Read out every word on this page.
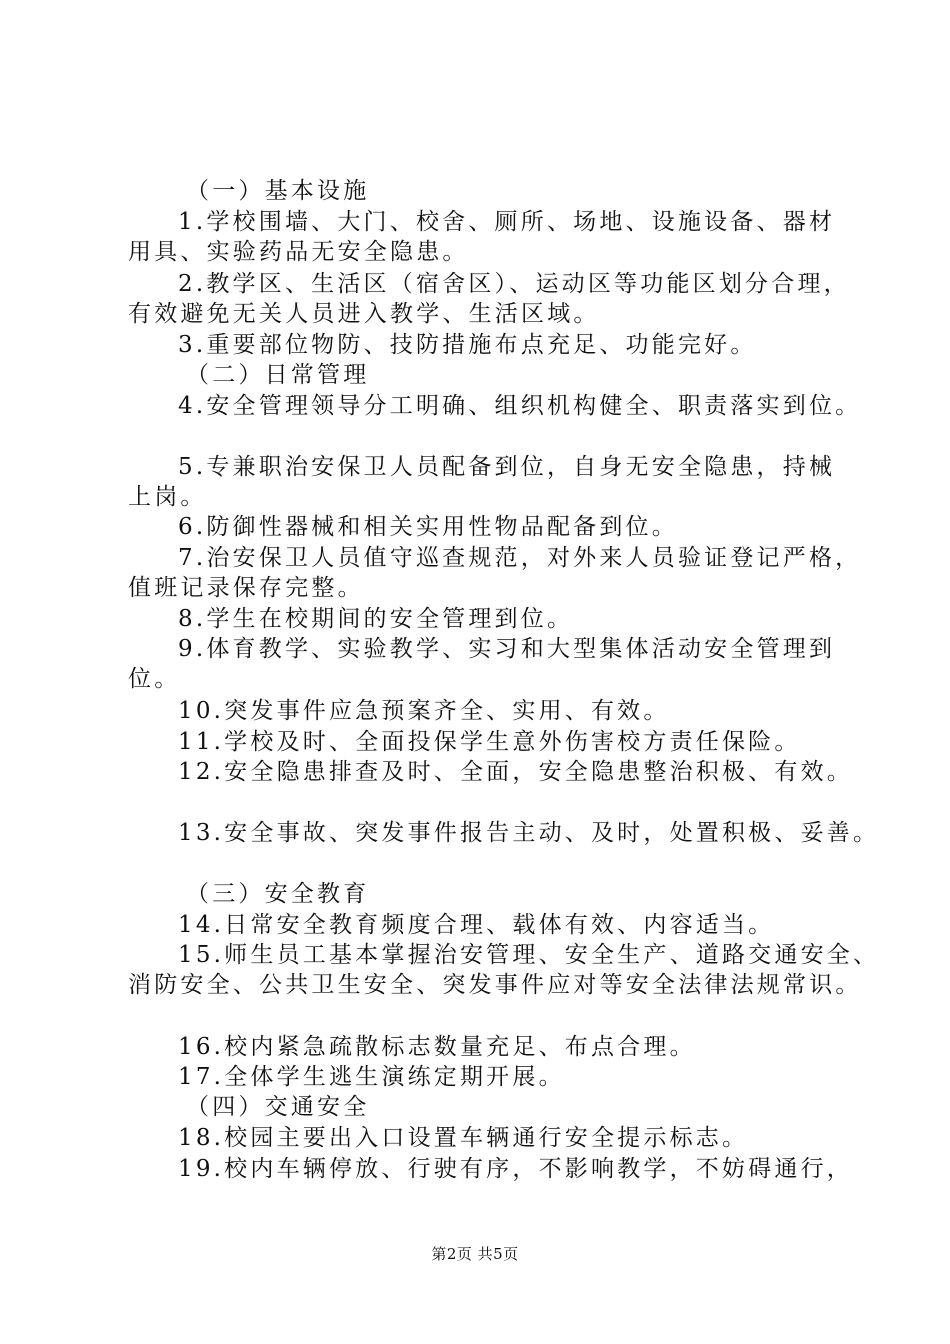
（一）基本设施
1.学校围墙、大门、校舍、厕所、场地、设施设备、器材
用具、实验药品无安全隐患。
2.教学区、生活区（宿舍区）、运动区等功能区划分合理，
有效避免无关人员进入教学、生活区域。
3.重要部位物防、技防措施布点充足、功能完好。
（二）日常管理
4.安全管理领导分工明确、组织机构健全、职责落实到位。
5.专兼职治安保卫人员配备到位，自身无安全隐患，持械
上岗。
6.防御性器械和相关实用性物品配备到位。
7.治安保卫人员值守巡查规范，对外来人员验证登记严格，
值班记录保存完整。
8.学生在校期间的安全管理到位。
9.体育教学、实验教学、实习和大型集体活动安全管理到
位。
10.突发事件应急预案齐全、实用、有效。
11.学校及时、全面投保学生意外伤害校方责任保险。
12.安全隐患排查及时、全面，安全隐患整治积极、有效。
13.安全事故、突发事件报告主动、及时，处置积极、妥善。
（三）安全教育
14.日常安全教育频度合理、载体有效、内容适当。
15.师生员工基本掌握治安管理、安全生产、道路交通安全、
消防安全、公共卫生安全、突发事件应对等安全法律法规常识。
16.校内紧急疏散标志数量充足、布点合理。
17.全体学生逃生演练定期开展。
（四）交通安全
18.校园主要出入口设置车辆通行安全提示标志。
19.校内车辆停放、行驶有序，不影响教学，不妨碍通行，
第2页 共5页
